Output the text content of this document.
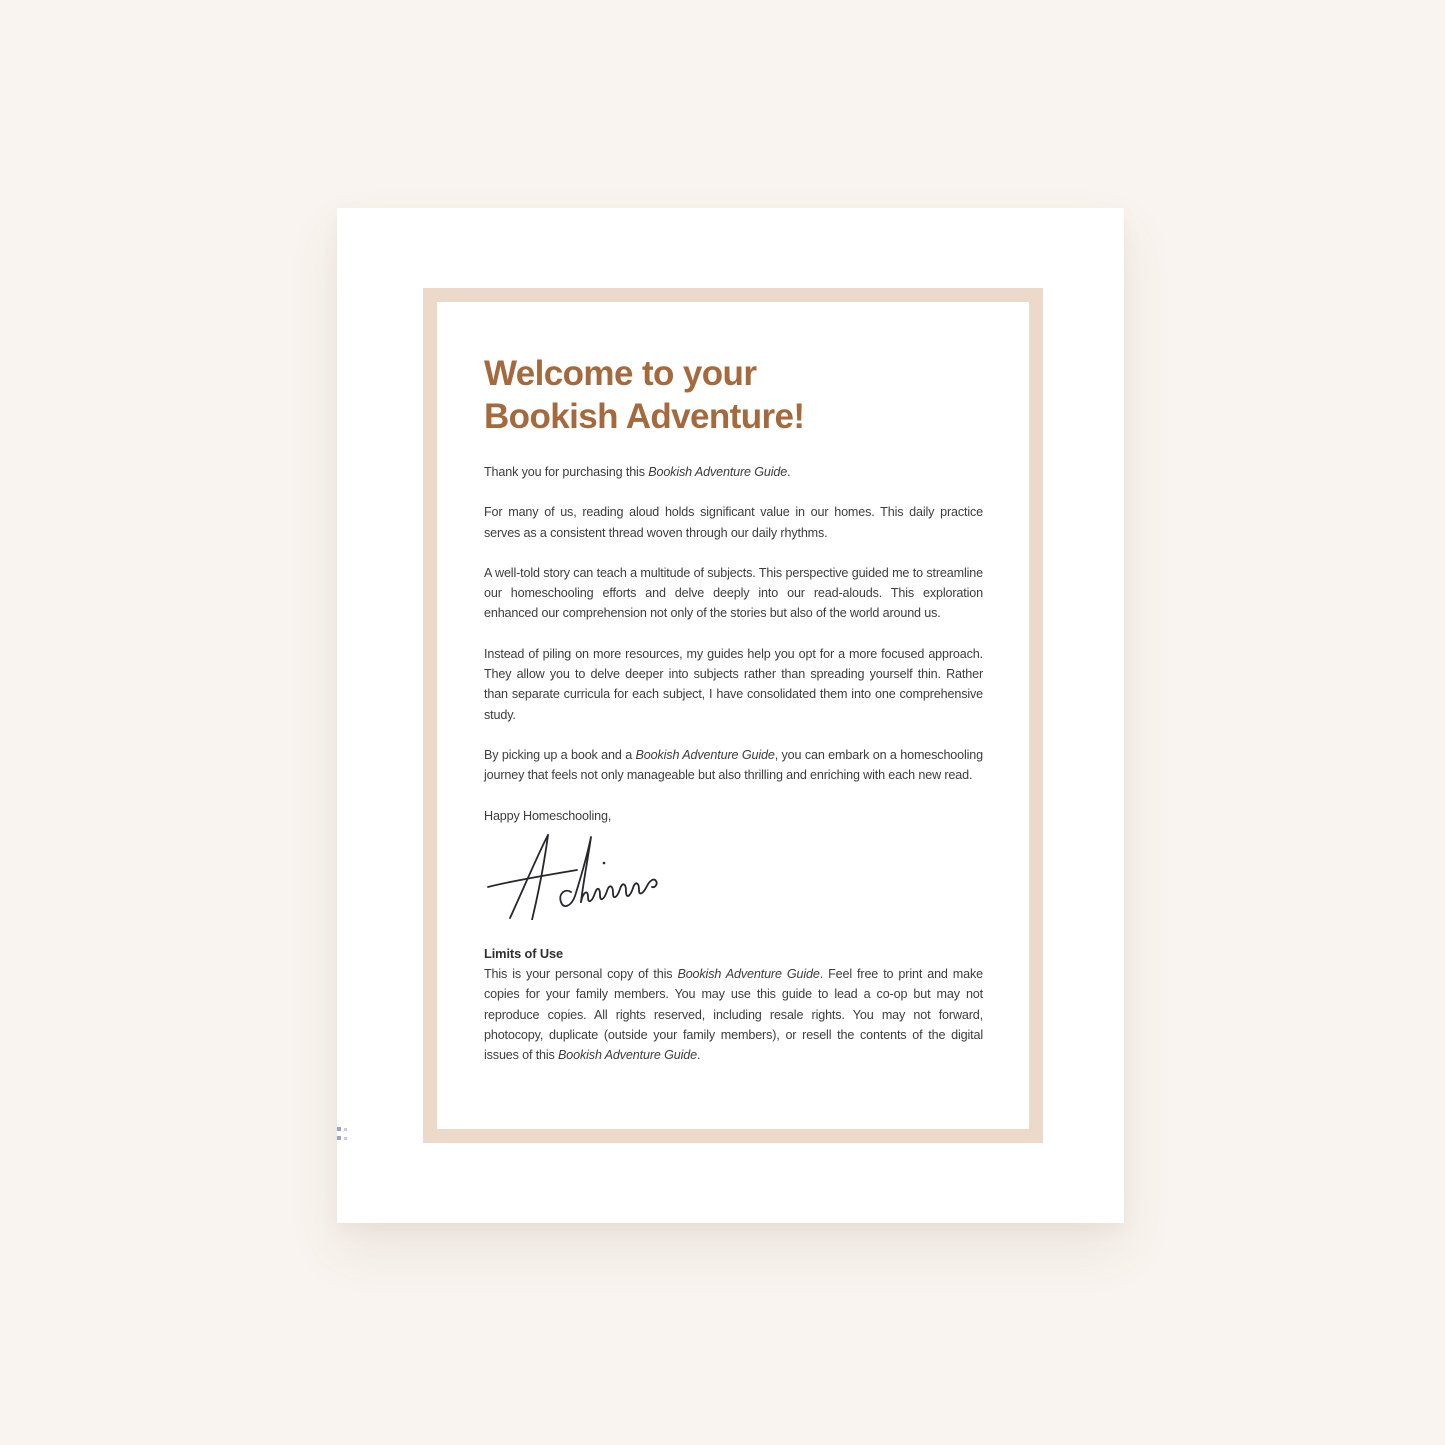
Welcome to your
Bookish Adventure!

Thank you for purchasing this Bookish Adventure Guide.

For many of us, reading aloud holds significant value in our homes. This daily practice serves as a consistent thread woven through our daily rhythms.

A well-told story can teach a multitude of subjects. This perspective guided me to streamline our homeschooling efforts and delve deeply into our read-alouds. This exploration enhanced our comprehension not only of the stories but also of the world around us.

Instead of piling on more resources, my guides help you opt for a more focused approach. They allow you to delve deeper into subjects rather than spreading yourself thin. Rather than separate curricula for each subject, I have consolidated them into one comprehensive study.

By picking up a book and a Bookish Adventure Guide, you can embark on a homeschooling journey that feels not only manageable but also thrilling and enriching with each new read.

Happy Homeschooling,

Limits of Use

This is your personal copy of this Bookish Adventure Guide. Feel free to print and make copies for your family members. You may use this guide to lead a co-op but may not reproduce copies. All rights reserved, including resale rights. You may not forward, photocopy, duplicate (outside your family members), or resell the contents of the digital issues of this Bookish Adventure Guide.
